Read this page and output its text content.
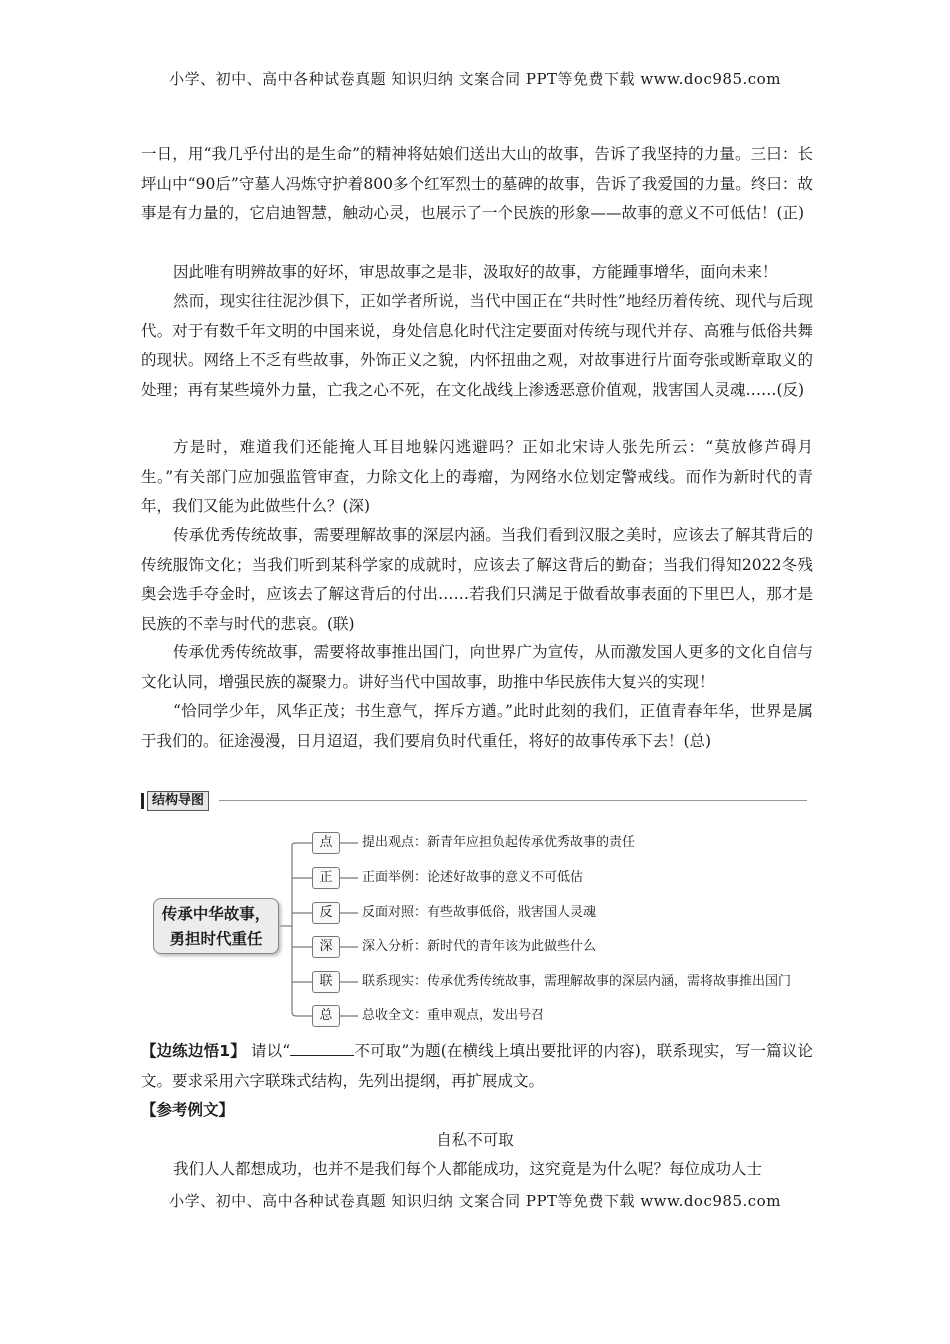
小学、初中、高中各种试卷真题 知识归纳 文案合同 PPT等免费下载 www.doc985.com
一日，用“我几乎付出的是生命”的精神将姑娘们送出大山的故事，告诉了我坚持的力量。三曰：长坪山中“90后”守墓人冯炼守护着800多个红军烈士的墓碑的故事，告诉了我爱国的力量。终曰：故事是有力量的，它启迪智慧，触动心灵，也展示了一个民族的形象——故事的意义不可低估！(正)
因此唯有明辨故事的好坏，审思故事之是非，汲取好的故事，方能踵事增华，面向未来！
然而，现实往往泥沙俱下，正如学者所说，当代中国正在“共时性”地经历着传统、现代与后现代。对于有数千年文明的中国来说，身处信息化时代注定要面对传统与现代并存、高雅与低俗共舞的现状。网络上不乏有些故事，外饰正义之貌，内怀扭曲之观，对故事进行片面夸张或断章取义的处理；再有某些境外力量，亡我之心不死，在文化战线上渗透恶意价值观，戕害国人灵魂……(反)
方是时，难道我们还能掩人耳目地躲闪逃避吗？正如北宋诗人张先所云：“莫放修芦碍月生。”有关部门应加强监管审查，力除文化上的毒瘤，为网络水位划定警戒线。而作为新时代的青年，我们又能为此做些什么？(深)
传承优秀传统故事，需要理解故事的深层内涵。当我们看到汉服之美时，应该去了解其背后的传统服饰文化；当我们听到某科学家的成就时，应该去了解这背后的勤奋；当我们得知2022冬残奥会选手夺金时，应该去了解这背后的付出……若我们只满足于做看故事表面的下里巴人，那才是民族的不幸与时代的悲哀。(联)
传承优秀传统故事，需要将故事推出国门，向世界广为宣传，从而激发国人更多的文化自信与文化认同，增强民族的凝聚力。讲好当代中国故事，助推中华民族伟大复兴的实现！
“恰同学少年，风华正茂；书生意气，挥斥方遒。”此时此刻的我们，正值青春年华，世界是属于我们的。征途漫漫，日月迢迢，我们要肩负时代重任，将好的故事传承下去！(总)
结构导图
传承中华故事，
勇担时代重任
点	提出观点：新青年应担负起传承优秀故事的责任
正	正面举例：论述好故事的意义不可低估
反	反面对照：有些故事低俗，戕害国人灵魂
深	深入分析：新时代的青年该为此做些什么
联	联系现实：传承优秀传统故事，需理解故事的深层内涵，需将故事推出国门
总	总收全文：重申观点，发出号召
【边练边悟1】 请以“	不可取”为题(在横线上填出要批评的内容)，联系现实，写一篇议论文。要求采用六字联珠式结构，先列出提纲，再扩展成文。
【参考例文】
自私不可取
我们人人都想成功，也并不是我们每个人都能成功，这究竟是为什么呢？每位成功人士
小学、初中、高中各种试卷真题 知识归纳 文案合同 PPT等免费下载 www.doc985.com
